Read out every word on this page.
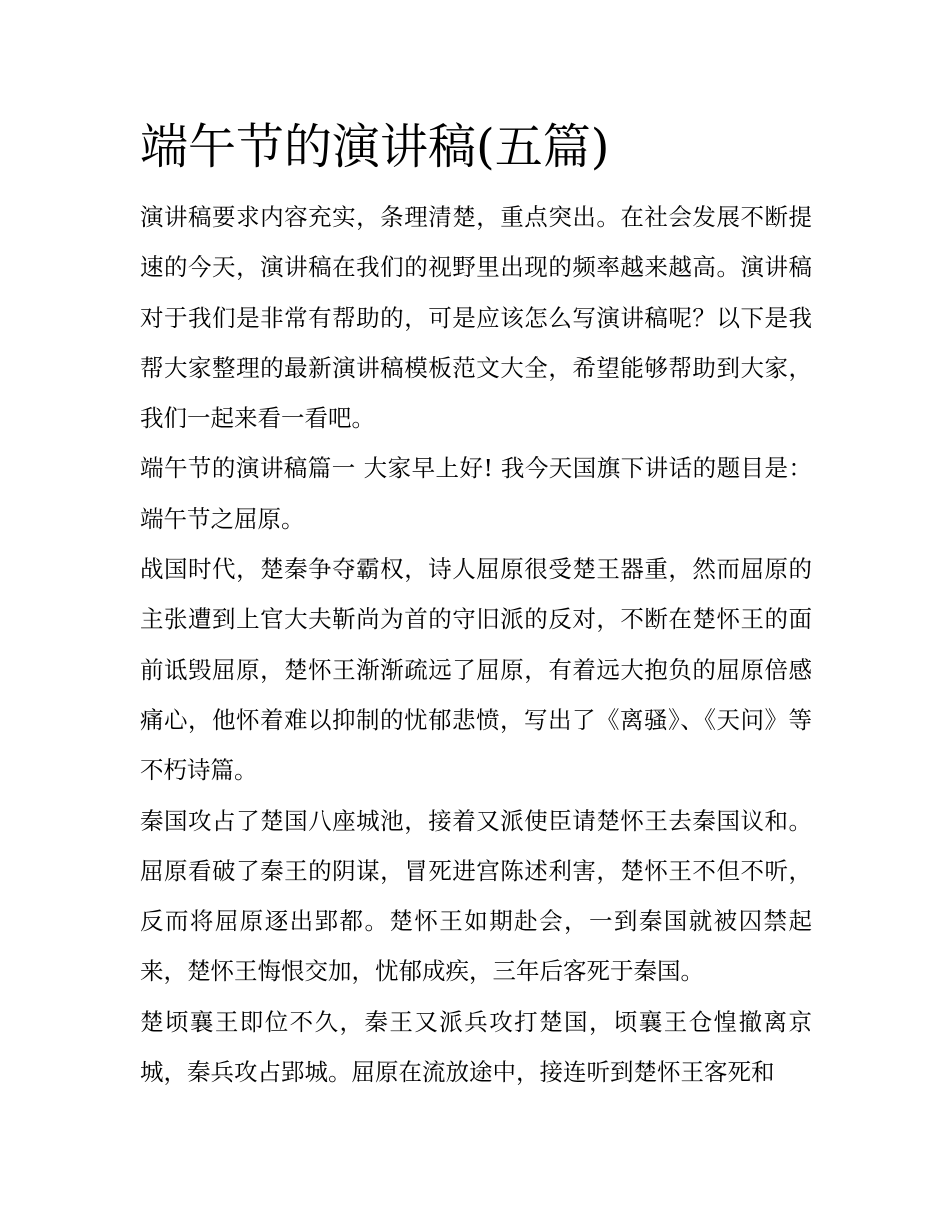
端午节的演讲稿(五篇)

演讲稿要求内容充实，条理清楚，重点突出。在社会发展不断提速的今天，演讲稿在我们的视野里出现的频率越来越高。演讲稿对于我们是非常有帮助的，可是应该怎么写演讲稿呢？以下是我帮大家整理的最新演讲稿模板范文大全，希望能够帮助到大家，我们一起来看一看吧。

端午节的演讲稿篇一 大家早上好! 我今天国旗下讲话的题目是：端午节之屈原。

战国时代，楚秦争夺霸权，诗人屈原很受楚王器重，然而屈原的主张遭到上官大夫靳尚为首的守旧派的反对，不断在楚怀王的面前诋毁屈原，楚怀王渐渐疏远了屈原，有着远大抱负的屈原倍感痛心，他怀着难以抑制的忧郁悲愤，写出了《离骚》、《天问》等不朽诗篇。

秦国攻占了楚国八座城池，接着又派使臣请楚怀王去秦国议和。屈原看破了秦王的阴谋，冒死进宫陈述利害，楚怀王不但不听，反而将屈原逐出郢都。楚怀王如期赴会，一到秦国就被囚禁起来，楚怀王悔恨交加，忧郁成疾，三年后客死于秦国。

楚顷襄王即位不久，秦王又派兵攻打楚国，顷襄王仓惶撤离京城，秦兵攻占郢城。屈原在流放途中，接连听到楚怀王客死和
